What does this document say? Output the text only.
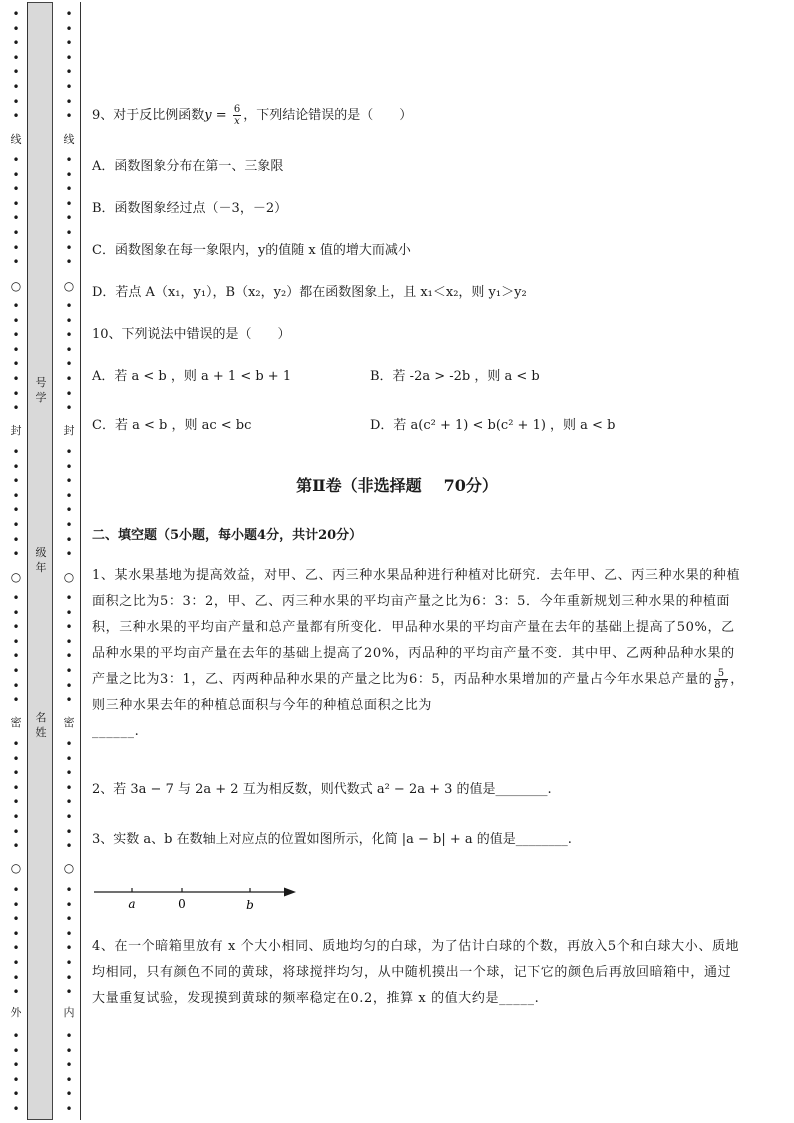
•
•
•
•
•
•
•
•
•
•
•
•
•
•
•
•
•
•
•
•
•
•
•
•
•
•
•
•
•
•
•
•
•
•
•
•
•
•
•
•
•
•
•
•
•
•
•
•
•
•
•
•
•
•
•
•
•
•
•
•
•
•
线
封
密
外
○
○
○
•
•
•
•
•
•
•
•
•
•
•
•
•
•
•
•
•
•
•
•
•
•
•
•
•
•
•
•
•
•
•
•
•
•
•
•
•
•
•
•
•
•
•
•
•
•
•
•
•
•
•
•
•
•
•
•
•
•
•
•
•
•
线
封
密
内
○
○
○
号
学
级
年
名
姓
9、对于反比例函数$y = \frac{6}{x}$ ，下列结论错误的是（　　）
A．函数图象分布在第一、三象限
B．函数图象经过点（－3，－2）
C．函数图象在每一象限内，y的值随 x 值的增大而减小
D．若点 A（x₁，y₁），B（x₂，y₂）都在函数图象上，且 x₁＜x₂，则 y₁＞y₂
10、下列说法中错误的是（　　）
A．若 a < b ，则 a + 1 < b + 1	B．若 -2a > -2b ，则 a < b
C．若 a < b ，则 ac < bc	D．若 a(c² + 1) < b(c² + 1) ，则 a < b
第Ⅱ卷（非选择题 70分）
二、填空题（5小题，每小题4分，共计20分）
1、某水果基地为提高效益，对甲、乙、丙三种水果品种进行种植对比研究．去年甲、乙、丙三种水果的种植面积之比为5：3：2，甲、乙、丙三种水果的平均亩产量之比为6：3：5．今年重新规划三种水果的种植面积，三种水果的平均亩产量和总产量都有所变化．甲品种水果的平均亩产量在去年的基础上提高了50%，乙品种水果的平均亩产量在去年的基础上提高了20%，丙品种的平均亩产量不变．其中甲、乙两种品种水果的产量之比为3：1，乙、丙两种品种水果的产量之比为6：5，丙品种水果增加的产量占今年水果总产量的 $\frac{5}{87}$ ，则三种水果去年的种植总面积与今年的种植总面积之比为
______.
2、若 3a − 7 与 2a + 2 互为相反数，则代数式 a² − 2a + 3 的值是________.
3、实数 a、b 在数轴上对应点的位置如图所示，化简 |a − b| + a 的值是________.
a	0	b
4、在一个暗箱里放有 x 个大小相同、质地均匀的白球，为了估计白球的个数，再放入5个和白球大小、质地均相同，只有颜色不同的黄球，将球搅拌均匀，从中随机摸出一个球，记下它的颜色后再放回暗箱中，通过大量重复试验，发现摸到黄球的频率稳定在0.2，推算 x 的值大约是_____.
